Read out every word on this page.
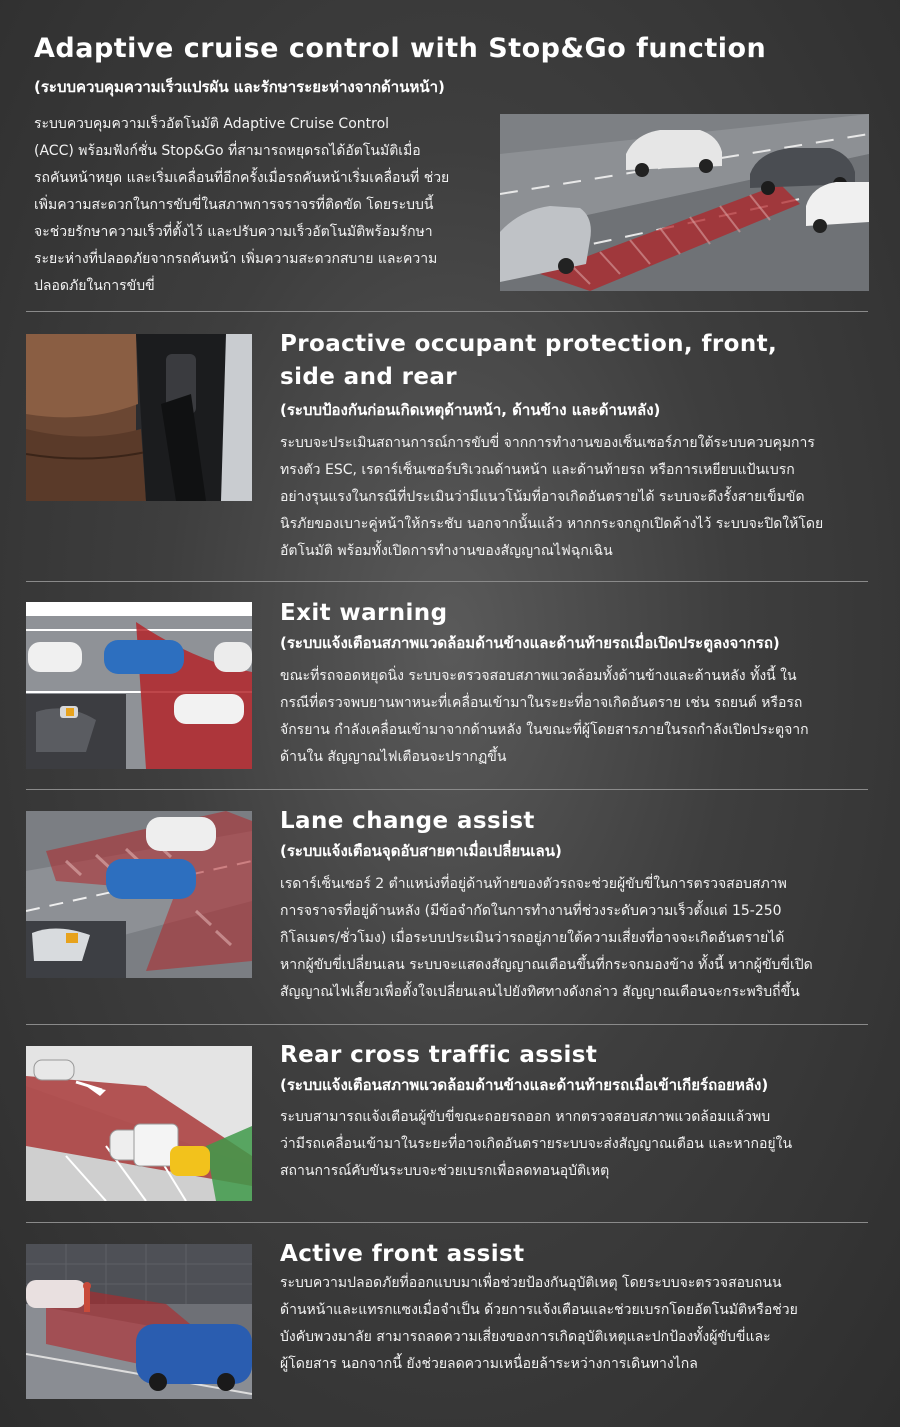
Adaptive cruise control with Stop&Go function
(ระบบควบคุมความเร็วแปรผัน และรักษาระยะห่างจากด้านหน้า)
ระบบควบคุมความเร็วอัตโนมัติ Adaptive Cruise Control
(ACC) พร้อมฟังก์ชั่น Stop&Go ที่สามารถหยุดรถได้อัตโนมัติเมื่อ
รถคันหน้าหยุด และเริ่มเคลื่อนที่อีกครั้งเมื่อรถคันหน้าเริ่มเคลื่อนที่ ช่วย
เพิ่มความสะดวกในการขับขี่ในสภาพการจราจรที่ติดขัด โดยระบบนี้
จะช่วยรักษาความเร็วที่ตั้งไว้ และปรับความเร็วอัตโนมัติพร้อมรักษา
ระยะห่างที่ปลอดภัยจากรถคันหน้า เพิ่มความสะดวกสบาย และความ
ปลอดภัยในการขับขี่
Proactive occupant protection, front,
side and rear
(ระบบป้องกันก่อนเกิดเหตุด้านหน้า, ด้านข้าง และด้านหลัง)
ระบบจะประเมินสถานการณ์การขับขี่ จากการทำงานของเซ็นเซอร์ภายใต้ระบบควบคุมการ
ทรงตัว ESC, เรดาร์เซ็นเซอร์บริเวณด้านหน้า และด้านท้ายรถ หรือการเหยียบแป้นเบรก
อย่างรุนแรงในกรณีที่ประเมินว่ามีแนวโน้มที่อาจเกิดอันตรายได้ ระบบจะดึงรั้งสายเข็มขัด
นิรภัยของเบาะคู่หน้าให้กระชับ นอกจากนั้นแล้ว หากกระจกถูกเปิดค้างไว้ ระบบจะปิดให้โดย
อัตโนมัติ พร้อมทั้งเปิดการทำงานของสัญญาณไฟฉุกเฉิน
Exit warning
(ระบบแจ้งเตือนสภาพแวดล้อมด้านข้างและด้านท้ายรถเมื่อเปิดประตูลงจากรถ)
ขณะที่รถจอดหยุดนิ่ง ระบบจะตรวจสอบสภาพแวดล้อมทั้งด้านข้างและด้านหลัง ทั้งนี้ ใน
กรณีที่ตรวจพบยานพาหนะที่เคลื่อนเข้ามาในระยะที่อาจเกิดอันตราย เช่น รถยนต์ หรือรถ
จักรยาน กำลังเคลื่อนเข้ามาจากด้านหลัง ในขณะที่ผู้โดยสารภายในรถกำลังเปิดประตูจาก
ด้านใน สัญญาณไฟเตือนจะปรากฏขึ้น
Lane change assist
(ระบบแจ้งเตือนจุดอับสายตาเมื่อเปลี่ยนเลน)
เรดาร์เซ็นเซอร์ 2 ตำแหน่งที่อยู่ด้านท้ายของตัวรถจะช่วยผู้ขับขี่ในการตรวจสอบสภาพ
การจราจรที่อยู่ด้านหลัง (มีข้อจำกัดในการทำงานที่ช่วงระดับความเร็วตั้งแต่ 15-250
กิโลเมตร/ชั่วโมง) เมื่อระบบประเมินว่ารถอยู่ภายใต้ความเสี่ยงที่อาจจะเกิดอันตรายได้
หากผู้ขับขี่เปลี่ยนเลน ระบบจะแสดงสัญญาณเตือนขึ้นที่กระจกมองข้าง ทั้งนี้ หากผู้ขับขี่เปิด
สัญญาณไฟเลี้ยวเพื่อตั้งใจเปลี่ยนเลนไปยังทิศทางดังกล่าว สัญญาณเตือนจะกระพริบถี่ขึ้น
Rear cross traffic assist
(ระบบแจ้งเตือนสภาพแวดล้อมด้านข้างและด้านท้ายรถเมื่อเข้าเกียร์ถอยหลัง)
ระบบสามารถแจ้งเตือนผู้ขับขี่ขณะถอยรถออก หากตรวจสอบสภาพแวดล้อมแล้วพบ
ว่ามีรถเคลื่อนเข้ามาในระยะที่อาจเกิดอันตรายระบบจะส่งสัญญาณเตือน และหากอยู่ใน
สถานการณ์คับขันระบบจะช่วยเบรกเพื่อลดทอนอุบัติเหตุ
Active front assist
ระบบความปลอดภัยที่ออกแบบมาเพื่อช่วยป้องกันอุบัติเหตุ โดยระบบจะตรวจสอบถนน
ด้านหน้าและแทรกแซงเมื่อจำเป็น ด้วยการแจ้งเตือนและช่วยเบรกโดยอัตโนมัติหรือช่วย
บังคับพวงมาลัย สามารถลดความเสี่ยงของการเกิดอุบัติเหตุและปกป้องทั้งผู้ขับขี่และ
ผู้โดยสาร นอกจากนี้ ยังช่วยลดความเหนื่อยล้าระหว่างการเดินทางไกล
